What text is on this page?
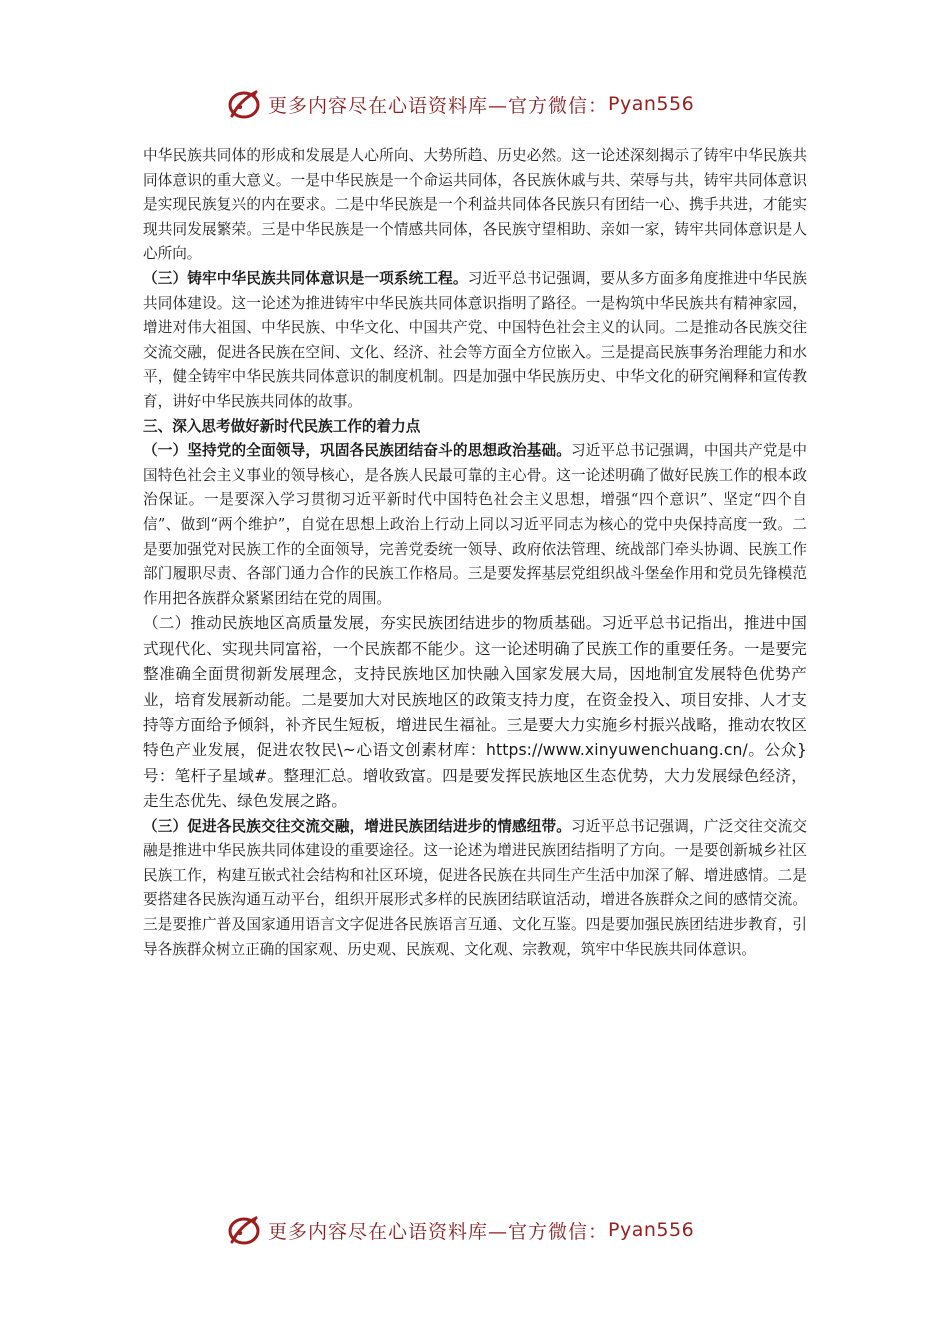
更多内容尽在心语资料库—官方微信： Pyan556

中华民族共同体的形成和发展是人心所向、大势所趋、历史必然。这一论述深刻揭示了铸牢中华民族共同体意识的重大意义。一是中华民族是一个命运共同体，各民族休戚与共、荣辱与共，铸牢共同体意识是实现民族复兴的内在要求。二是中华民族是一个利益共同体各民族只有团结一心、携手共进，才能实现共同发展繁荣。三是中华民族是一个情感共同体，各民族守望相助、亲如一家，铸牢共同体意识是人心所向。

（三）铸牢中华民族共同体意识是一项系统工程。习近平总书记强调，要从多方面多角度推进中华民族共同体建设。这一论述为推进铸牢中华民族共同体意识指明了路径。一是构筑中华民族共有精神家园，增进对伟大祖国、中华民族、中华文化、中国共产党、中国特色社会主义的认同。二是推动各民族交往交流交融，促进各民族在空间、文化、经济、社会等方面全方位嵌入。三是提高民族事务治理能力和水平，健全铸牢中华民族共同体意识的制度机制。四是加强中华民族历史、中华文化的研究阐释和宣传教育，讲好中华民族共同体的故事。

三、深入思考做好新时代民族工作的着力点

（一）坚持党的全面领导，巩固各民族团结奋斗的思想政治基础。习近平总书记强调，中国共产党是中国特色社会主义事业的领导核心，是各族人民最可靠的主心骨。这一论述明确了做好民族工作的根本政治保证。一是要深入学习贯彻习近平新时代中国特色社会主义思想，增强“四个意识”、坚定“四个自信”、做到“两个维护”，自觉在思想上政治上行动上同以习近平同志为核心的党中央保持高度一致。二是要加强党对民族工作的全面领导，完善党委统一领导、政府依法管理、统战部门牵头协调、民族工作部门履职尽责、各部门通力合作的民族工作格局。三是要发挥基层党组织战斗堡垒作用和党员先锋模范作用把各族群众紧紧团结在党的周围。

（二）推动民族地区高质量发展，夯实民族团结进步的物质基础。习近平总书记指出，推进中国式现代化、实现共同富裕，一个民族都不能少。这一论述明确了民族工作的重要任务。一是要完整准确全面贯彻新发展理念，支持民族地区加快融入国家发展大局，因地制宜发展特色优势产业，培育发展新动能。二是要加大对民族地区的政策支持力度，在资金投入、项目安排、人才支持等方面给予倾斜，补齐民生短板，增进民生福祉。三是要大力实施乡村振兴战略，推动农牧区特色产业发展，促进农牧民\~心语文创素材库：https://www.xinyuwenchuang.cn/。公众}号：笔杆子星域#。整理汇总。增收致富。四是要发挥民族地区生态优势，大力发展绿色经济，走生态优先、绿色发展之路。

（三）促进各民族交往交流交融，增进民族团结进步的情感纽带。习近平总书记强调，广泛交往交流交融是推进中华民族共同体建设的重要途径。这一论述为增进民族团结指明了方向。一是要创新城乡社区民族工作，构建互嵌式社会结构和社区环境，促进各民族在共同生产生活中加深了解、增进感情。二是要搭建各民族沟通互动平台，组织开展形式多样的民族团结联谊活动，增进各族群众之间的感情交流。三是要推广普及国家通用语言文字促进各民族语言互通、文化互鉴。四是要加强民族团结进步教育，引导各族群众树立正确的国家观、历史观、民族观、文化观、宗教观，筑牢中华民族共同体意识。

更多内容尽在心语资料库—官方微信： Pyan556
